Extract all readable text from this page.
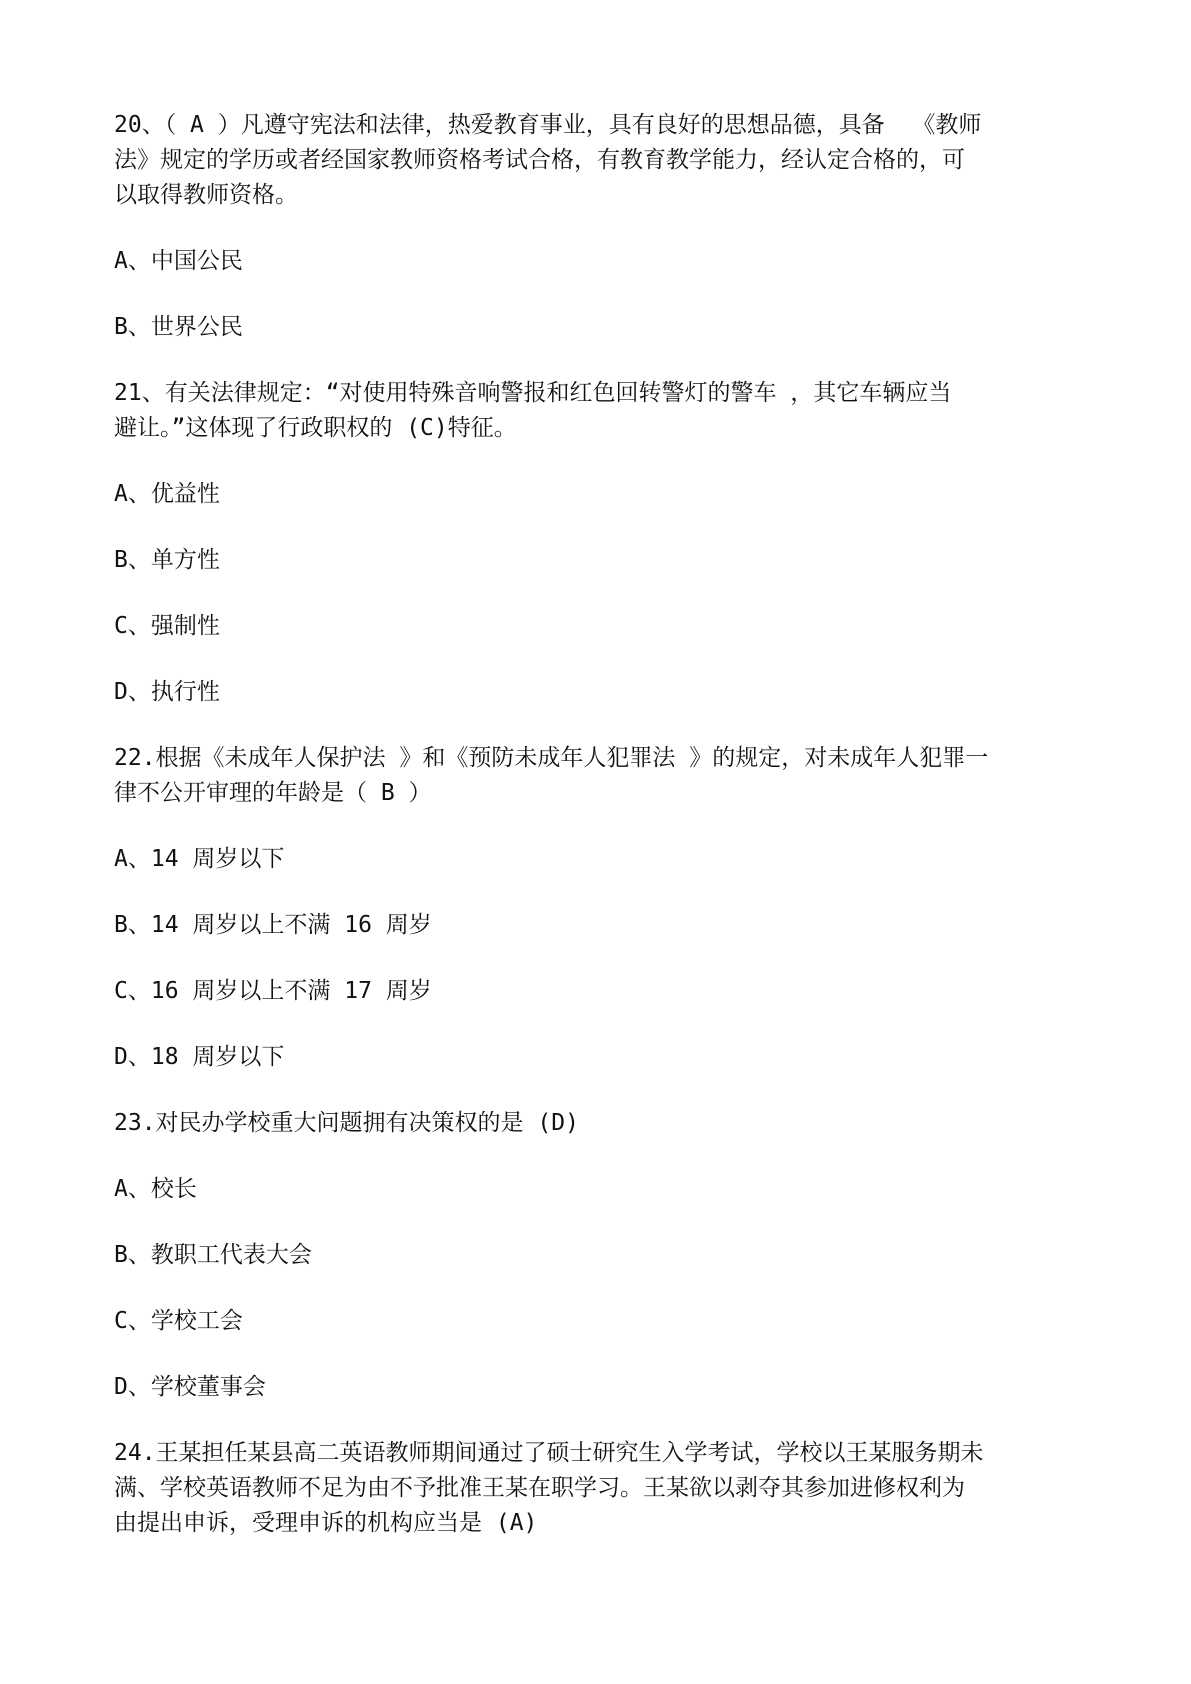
20、（ A ）凡遵守宪法和法律，热爱教育事业，具有良好的思想品德，具备  《教师
法》规定的学历或者经国家教师资格考试合格，有教育教学能力，经认定合格的，可
以取得教师资格。
A、中国公民
B、世界公民
21、有关法律规定：“对使用特殊音响警报和红色回转警灯的警车 ，其它车辆应当
避让。”这体现了行政职权的 (C)特征。
A、优益性
B、单方性
C、强制性
D、执行性
22.根据《未成年人保护法 》和《预防未成年人犯罪法 》的规定，对未成年人犯罪一
律不公开审理的年龄是（ B ）
A、14 周岁以下
B、14 周岁以上不满 16 周岁
C、16 周岁以上不满 17 周岁
D、18 周岁以下
23.对民办学校重大问题拥有决策权的是 (D)
A、校长
B、教职工代表大会
C、学校工会
D、学校董事会
24.王某担任某县高二英语教师期间通过了硕士研究生入学考试，学校以王某服务期未
满、学校英语教师不足为由不予批准王某在职学习。王某欲以剥夺其参加进修权利为
由提出申诉，受理申诉的机构应当是 (A)
